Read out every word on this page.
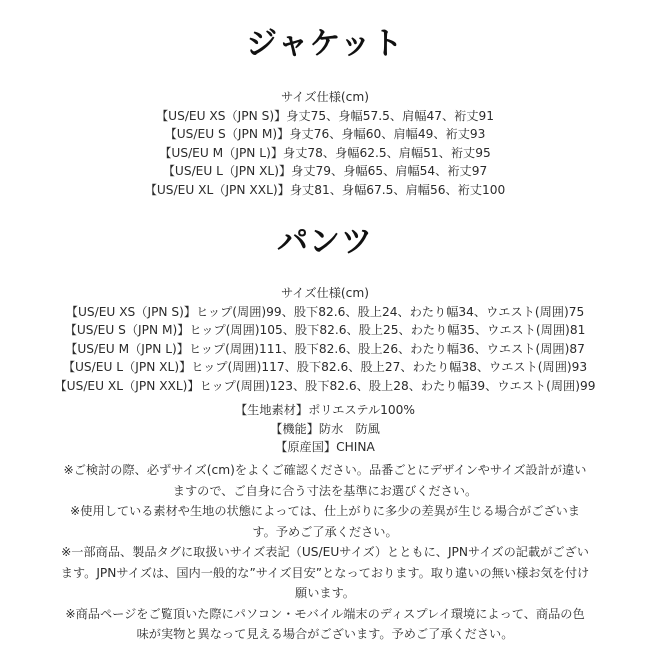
ジャケット
サイズ仕様(cm)
【US/EU XS（JPN S)】身丈75、身幅57.5、肩幅47、裄丈91
【US/EU S（JPN M)】身丈76、身幅60、肩幅49、裄丈93
【US/EU M（JPN L)】身丈78、身幅62.5、肩幅51、裄丈95
【US/EU L（JPN XL)】身丈79、身幅65、肩幅54、裄丈97
【US/EU XL（JPN XXL)】身丈81、身幅67.5、肩幅56、裄丈100
パンツ
サイズ仕様(cm)
【US/EU XS（JPN S)】ヒップ(周囲)99、股下82.6、股上24、わたり幅34、ウエスト(周囲)75
【US/EU S（JPN M)】ヒップ(周囲)105、股下82.6、股上25、わたり幅35、ウエスト(周囲)81
【US/EU M（JPN L)】ヒップ(周囲)111、股下82.6、股上26、わたり幅36、ウエスト(周囲)87
【US/EU L（JPN XL)】ヒップ(周囲)117、股下82.6、股上27、わたり幅38、ウエスト(周囲)93
【US/EU XL（JPN XXL)】ヒップ(周囲)123、股下82.6、股上28、わたり幅39、ウエスト(周囲)99
【生地素材】ポリエステル100%
【機能】防水　防風
【原産国】CHINA
※ご検討の際、必ずサイズ(cm)をよくご確認ください。品番ごとにデザインやサイズ設計が違い
ますので、ご自身に合う寸法を基準にお選びください。
※使用している素材や生地の状態によっては、仕上がりに多少の差異が生じる場合がございま
す。予めご了承ください。
※一部商品、製品タグに取扱いサイズ表記（US/EUサイズ）とともに、JPNサイズの記載がござい
ます。JPNサイズは、国内一般的な”サイズ目安”となっております。取り違いの無い様お気を付け
願います。
※商品ページをご覧頂いた際にパソコン・モバイル端末のディスプレイ環境によって、商品の色
味が実物と異なって見える場合がございます。予めご了承ください。
